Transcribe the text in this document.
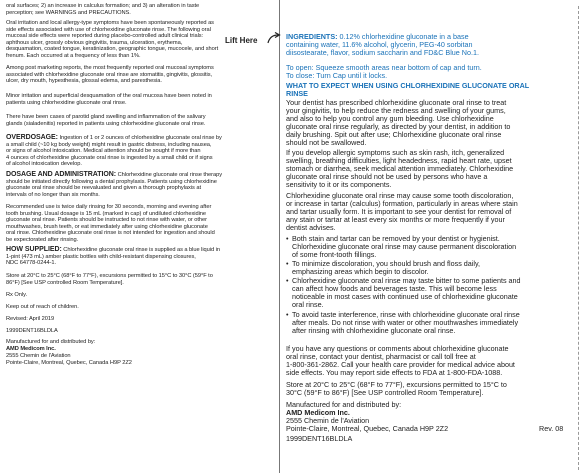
oral surfaces; 2) an increase in calculus formation; and 3) an alteration in taste
perception; see WARNINGS and PRECAUTIONS.

Oral irritation and local allergy-type symptoms have been spontaneously reported as
side effects associated with use of chlorhexidine gluconate rinse. The following oral
mucosal side effects were reported during placebo-controlled adult clinical trials:
aphthous ulcer, grossly obvious gingivitis, trauma, ulceration, erythema,
desquamation, coated tongue, keratinization, geographic tongue, mucocele, and short
frenum. Each occurred at a frequency of less than 1%.

Among post marketing reports, the most frequently reported oral mucosal symptoms
associated with chlorhexidine gluconate oral rinse are stomatitis, gingivitis, glossitis,
ulcer, dry mouth, hypesthesia, glossal edema, and paresthesia.

Minor irritation and superficial desquamation of the oral mucosa have been noted in
patients using chlorhexidine gluconate oral rinse.

There have been cases of parotid gland swelling and inflammation of the salivary
glands (sialadenitis) reported in patients using chlorhexidine gluconate oral rinse.

OVERDOSAGE: Ingestion of 1 or 2 ounces of chlorhexidine gluconate oral rinse by
a small child (~10 kg body weight) might result in gastric distress, including nausea,
or signs of alcohol intoxication. Medical attention should be sought if more than
4 ounces of chlorhexidine gluconate oral rinse is ingested by a small child or if signs
of alcohol intoxication develop.

DOSAGE AND ADMINISTRATION: Chlorhexidine gluconate oral rinse therapy
should be initiated directly following a dental prophylaxis. Patients using chlorhexidine
gluconate oral rinse should be reevaluated and given a thorough prophylaxis at
intervals of no longer than six months.

Recommended use is twice daily rinsing for 30 seconds, morning and evening after
tooth brushing. Usual dosage is 15 mL (marked in cap) of undiluted chlorhexidine
gluconate oral rinse. Patients should be instructed to not rinse with water, or other
mouthwashes, brush teeth, or eat immediately after using chlorhexidine gluconate
oral rinse. Chlorhexidine gluconate oral rinse is not intended for ingestion and should
be expectorated after rinsing.

HOW SUPPLIED: Chlorhexidine gluconate oral rinse is supplied as a blue liquid in
1-pint (473 mL) amber plastic bottles with child-resistant dispensing closures,
NDC 64778-0244-1.

Store at 20°C to 25°C (68°F to 77°F), excursions permitted to 15°C to 30°C (59°F to
86°F) [See USP controlled Room Temperature].

Rx Only.

Keep out of reach of children.

Revised: April 2019

1999DENT16BLDLA

Manufactured for and distributed by:

AMD Medicom Inc.

2555 Chemin de l'Aviation

Pointe-Claire, Montreal, Quebec, Canada H9P 2Z2

INGREDIENTS: 0.12% chlorhexidine gluconate in a base
containing water, 11.6% alcohol, glycerin, PEG-40 sorbitan
diisostearate, flavor, sodium saccharin and FD&C Blue No.1.

To open: Squeeze smooth areas near bottom of cap and turn.
To close: Turn Cap until it locks.

WHAT TO EXPECT WHEN USING CHLORHEXIDINE GLUCONATE ORAL
RINSE

Your dentist has prescribed chlorhexidine gluconate oral rinse to treat
your gingivitis, to help reduce the redness and swelling of your gums,
and also to help you control any gum bleeding. Use chlorhexidine
gluconate oral rinse regularly, as directed by your dentist, in addition to
daily brushing. Spit out after use; Chlorhexidine gluconate oral rinse
should not be swallowed.

If you develop allergic symptoms such as skin rash, itch, generalized
swelling, breathing difficulties, light headedness, rapid heart rate, upset
stomach or diarrhea, seek medical attention immediately. Chlorhexidine
gluconate oral rinse should not be used by persons who have a
sensitivity to it or its components.

Chlorhexidine gluconate oral rinse may cause some tooth discoloration,
or increase in tartar (calculus) formation, particularly in areas where stain
and tartar usually form. It is important to see your dentist for removal of
any stain or tartar at least every six months or more frequently if your
dentist advises.

• Both stain and tartar can be removed by your dentist or hygienist.
Chlorhexidine gluconate oral rinse may cause permanent discoloration
of some front-tooth fillings.
• To minimize discoloration, you should brush and floss daily,
emphasizing areas which begin to discolor.
• Chlorhexidine gluconate oral rinse may taste bitter to some patients and
can affect how foods and beverages taste. This will become less
noticeable in most cases with continued use of chlorhexidine gluconate
oral rinse.
• To avoid taste interference, rinse with chlorhexidine gluconate oral rinse
after meals. Do not rinse with water or other mouthwashes immediately
after rinsing with chlorhexidine gluconate oral rinse.

If you have any questions or comments about chlorhexidine gluconate
oral rinse, contact your dentist, pharmacist or call toll free at
1-800-361-2862. Call your health care provider for medical advice about
side effects. You may report side effects to FDA at 1-800-FDA-1088.

Store at 20°C to 25°C (68°F to 77°F), excursions permitted to 15°C to
30°C (59°F to 86°F) [See USP controlled Room Temperature].

Manufactured for and distributed by:

AMD Medicom Inc.

2555 Chemin de l'Aviation

Pointe-Claire, Montreal, Quebec, Canada H9P 2Z2	Rev. 08

1999DENT16BLDLA

Lift Here
